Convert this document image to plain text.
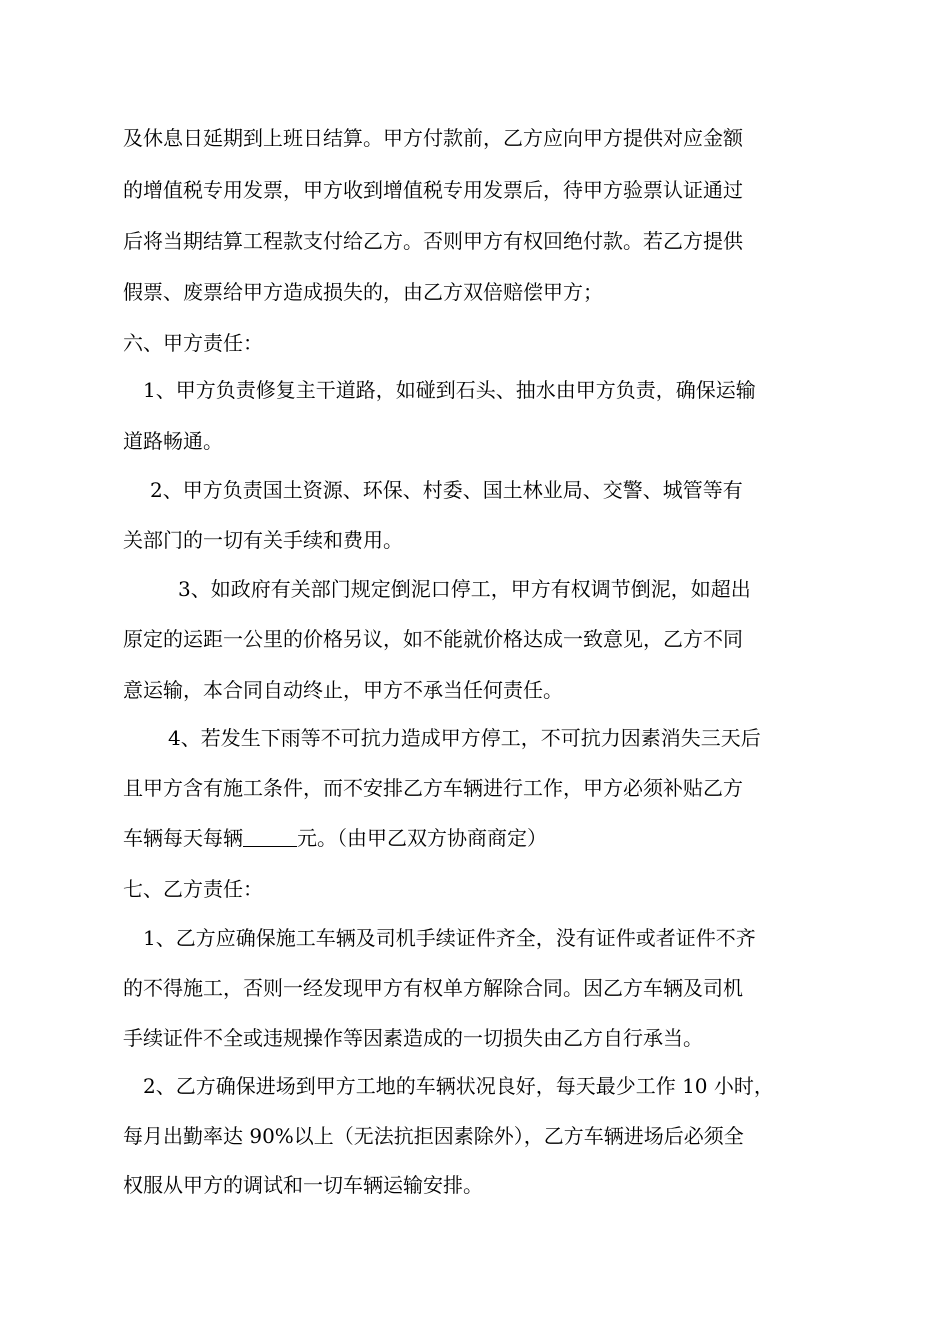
及休息日延期到上班日结算。甲方付款前，乙方应向甲方提供对应金额
的增值税专用发票，甲方收到增值税专用发票后，待甲方验票认证通过
后将当期结算工程款支付给乙方。否则甲方有权回绝付款。若乙方提供
假票、废票给甲方造成损失的，由乙方双倍赔偿甲方；
六、甲方责任：
1、甲方负责修复主干道路，如碰到石头、抽水由甲方负责，确保运输
道路畅通。
2、甲方负责国土资源、环保、村委、国土林业局、交警、城管等有
关部门的一切有关手续和费用。
3、如政府有关部门规定倒泥口停工，甲方有权调节倒泥，如超出
原定的运距一公里的价格另议，如不能就价格达成一致意见，乙方不同
意运输，本合同自动终止，甲方不承当任何责任。
4、若发生下雨等不可抗力造成甲方停工，不可抗力因素消失三天后
且甲方含有施工条件，而不安排乙方车辆进行工作，甲方必须补贴乙方
车辆每天每辆	元。（由甲乙双方协商商定）
七、乙方责任：
1、乙方应确保施工车辆及司机手续证件齐全，没有证件或者证件不齐
的不得施工，否则一经发现甲方有权单方解除合同。因乙方车辆及司机
手续证件不全或违规操作等因素造成的一切损失由乙方自行承当。
2、乙方确保进场到甲方工地的车辆状况良好，每天最少工作 10 小时，
每月出勤率达 90%以上（无法抗拒因素除外），乙方车辆进场后必须全
权服从甲方的调试和一切车辆运输安排。
